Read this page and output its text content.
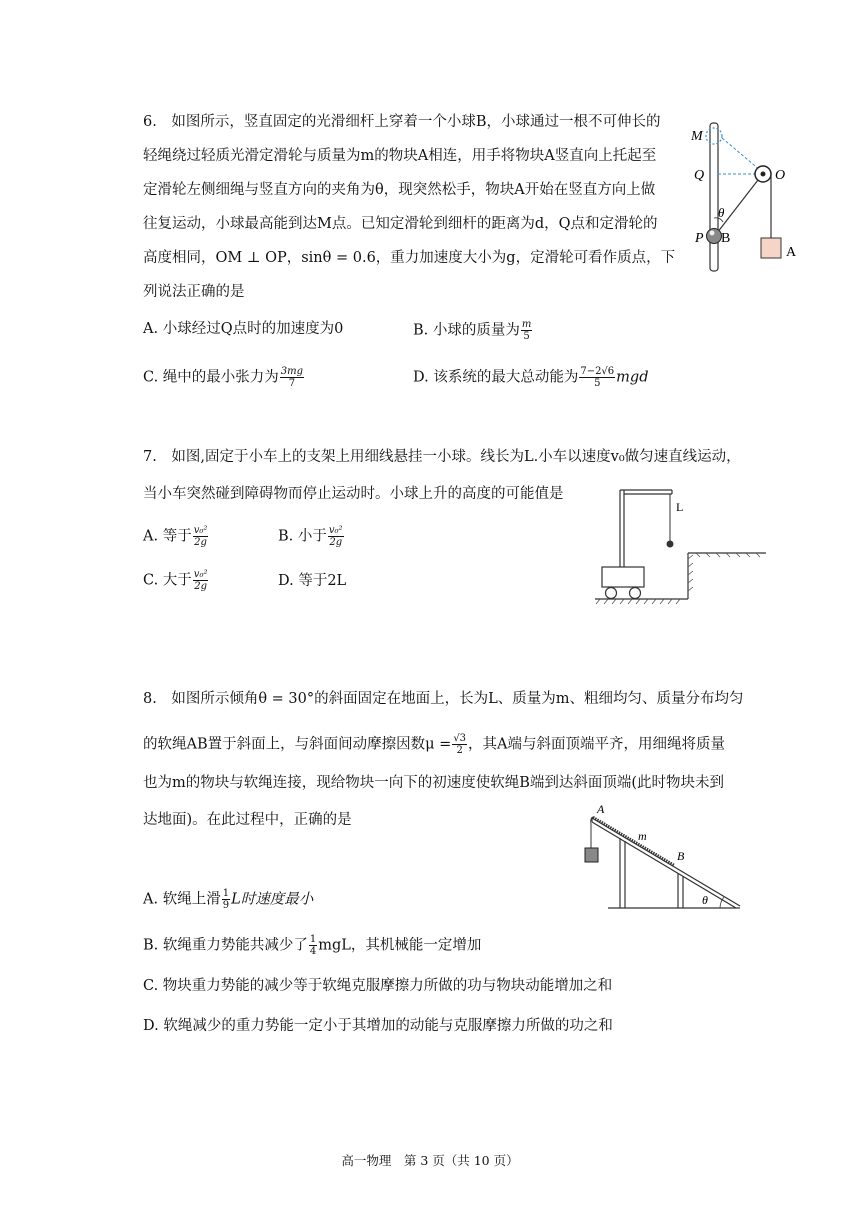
6.　如图所示，竖直固定的光滑细杆上穿着一个小球B，小球通过一根不可伸长的
轻绳绕过轻质光滑定滑轮与质量为m的物块A相连，用手将物块A竖直向上托起至
定滑轮左侧细绳与竖直方向的夹角为θ，现突然松手，物块A开始在竖直方向上做
往复运动，小球最高能到达M点。已知定滑轮到细杆的距离为d，Q点和定滑轮的
高度相同，OM ⊥ OP，sinθ = 0.6，重力加速度大小为g，定滑轮可看作质点，下
列说法正确的是
A. 小球经过Q点时的加速度为0	B. 小球的质量为 $\frac{m}{5}$
C. 绳中的最小张力为 $\frac{3mg}{7}$	D. 该系统的最大总动能为 $\frac{7-2√6}{5}$ mgd
M
Q	O
θ
P B
A
7.　如图,固定于小车上的支架上用细线悬挂一小球。线长为L.小车以速度v₀做匀速直线运动，
当小车突然碰到障碍物而停止运动时。小球上升的高度的可能值是
A. 等于 $\frac{\text{v₀²}}{2g}$	B. 小于 $\frac{\text{v₀²}}{2g}$
C. 大于 $\frac{\text{v₀²}}{2g}$	D. 等于2L
L
8.　如图所示倾角θ = 30°的斜面固定在地面上，长为L、质量为m、粗细均匀、质量分布均匀
的软绳AB置于斜面上，与斜面间动摩擦因数$\mu = \frac{√3}{2}$ ，其A端与斜面顶端平齐，用细绳将质量
也为m的物块与软绳连接，现给物块一向下的初速度使软绳B端到达斜面顶端(此时物块未到
达地面)。在此过程中，正确的是
A. 软绳上滑 $\frac{1}{9}$ L时速度最小
B. 软绳重力势能共减少了 $\frac{1}{4}$ mgL，其机械能一定增加
C. 物块重力势能的减少等于软绳克服摩擦力所做的功与物块动能增加之和
D. 软绳减少的重力势能一定小于其增加的动能与克服摩擦力所做的功之和
A
m
B
θ
高一物理　第 3 页（共 10 页）
